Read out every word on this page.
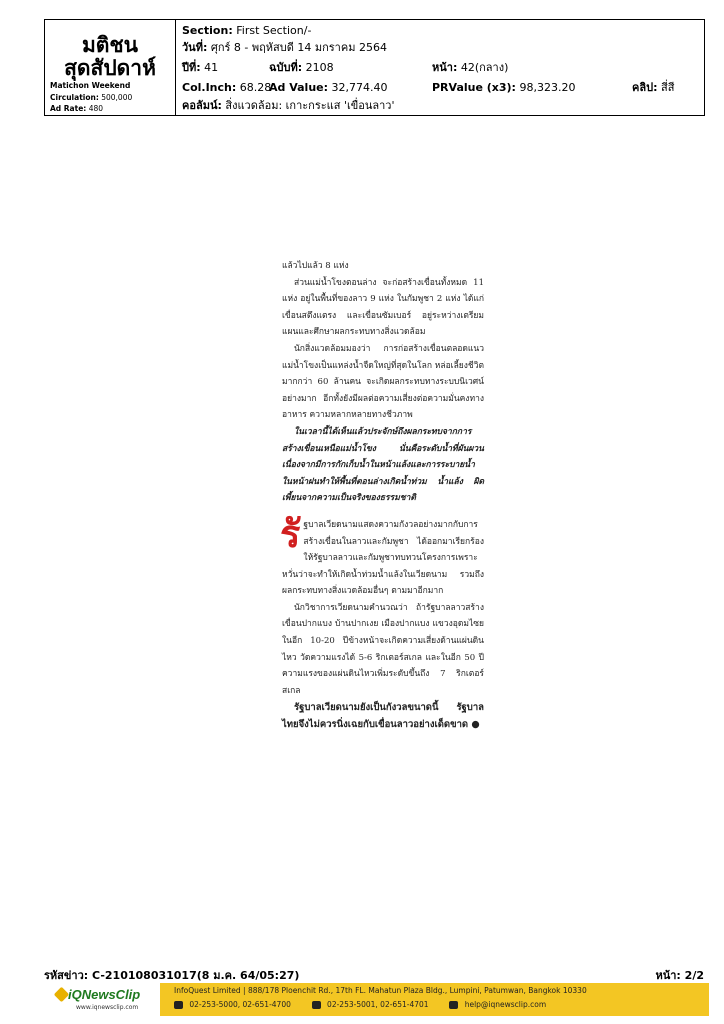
มติชน
สุดสัปดาห์
Matichon Weekend
Circulation: 500,000
Ad Rate: 480
Section: First Section/-
วันที่: ศุกร์ 8 - พฤหัสบดี 14 มกราคม 2564
ปีที่: 41	ฉบับที่: 2108	หน้า: 42(กลาง)
Col.Inch: 68.28
Ad Value: 32,774.40	PRValue (x3): 98,323.20	คลิป: สี่สี
คอลัมน์: สิ่งแวดล้อม: เกาะกระแส 'เขื่อนลาว'

แล้วไปแล้ว 8 แห่ง

ส่วนแม่น้ำโขงตอนล่าง จะก่อสร้างเขื่อนทั้งหมด 11 แห่ง อยู่ในพื้นที่ของลาว 9 แห่ง ในกัมพูชา 2 แห่ง ได้แก่ เขื่อนสตึงแตรง และเขื่อนซัมเบอร์ อยู่ระหว่างเตรียมแผนและศึกษาผลกระทบทางสิ่งแวดล้อม

นักสิ่งแวดล้อมมองว่า การก่อสร้างเขื่อนตลอดแนวแม่น้ำโขงเป็นแหล่งน้ำจืดใหญ่ที่สุดในโลก หล่อเลี้ยงชีวิตมากกว่า 60 ล้านคน จะเกิดผลกระทบทางระบบนิเวศน์อย่างมาก อีกทั้งยังมีผลต่อความเสี่ยงต่อความมั่นคงทางอาหาร ความหลากหลายทางชีวภาพ

ในเวลานี้ได้เห็นแล้วประจักษ์ถึงผลกระทบจากการสร้างเขื่อนเหนือแม่น้ำโขง นั่นคือระดับน้ำที่ผันผวนเนื่องจากมีการกักเก็บน้ำในหน้าแล้งและการระบายน้ำในหน้าฝนทำให้พื้นที่ตอนล่างเกิดน้ำท่วม น้ำแล้ง ผิดเพี้ยนจากความเป็นจริงของธรรมชาติ

รั ฐบาลเวียดนามแสดงความกังวลอย่างมากกับการสร้างเขื่อนในลาวและกัมพูชา ได้ออกมาเรียกร้องให้รัฐบาลลาวและกัมพูชาทบทวนโครงการเพราะหวั่นว่าจะทำให้เกิดน้ำท่วมน้ำแล้งในเวียดนาม รวมถึงผลกระทบทางสิ่งแวดล้อมอื่นๆ ตามมาอีกมาก

นักวิชาการเวียดนามคำนวณว่า ถ้ารัฐบาลลาวสร้างเขื่อนปากแบง บ้านปากเงย เมืองปากแบง แขวงอุดมไซย ในอีก 10-20 ปีข้างหน้าจะเกิดความเสี่ยงด้านแผ่นดินไหว วัดความแรงได้ 5-6 ริกเตอร์สเกล และในอีก 50 ปี ความแรงของแผ่นดินไหวเพิ่มระดับขึ้นถึง 7 ริกเตอร์สเกล

รัฐบาลเวียดนามยังเป็นกังวลขนาดนี้ รัฐบาลไทยจึงไม่ควรนิ่งเฉยกับเขื่อนลาวอย่างเด็ดขาด ●

รหัสข่าว: C-210108031017(8 ม.ค. 64/05:27)	หน้า: 2/2
iQNewsClip
www.iqnewsclip.com
InfoQuest Limited | 888/178 Ploenchit Rd., 17th FL. Mahatun Plaza Bldg., Lumpini, Patumwan, Bangkok 10330
02-253-5000, 02-651-4700	02-253-5001, 02-651-4701	help@iqnewsclip.com
